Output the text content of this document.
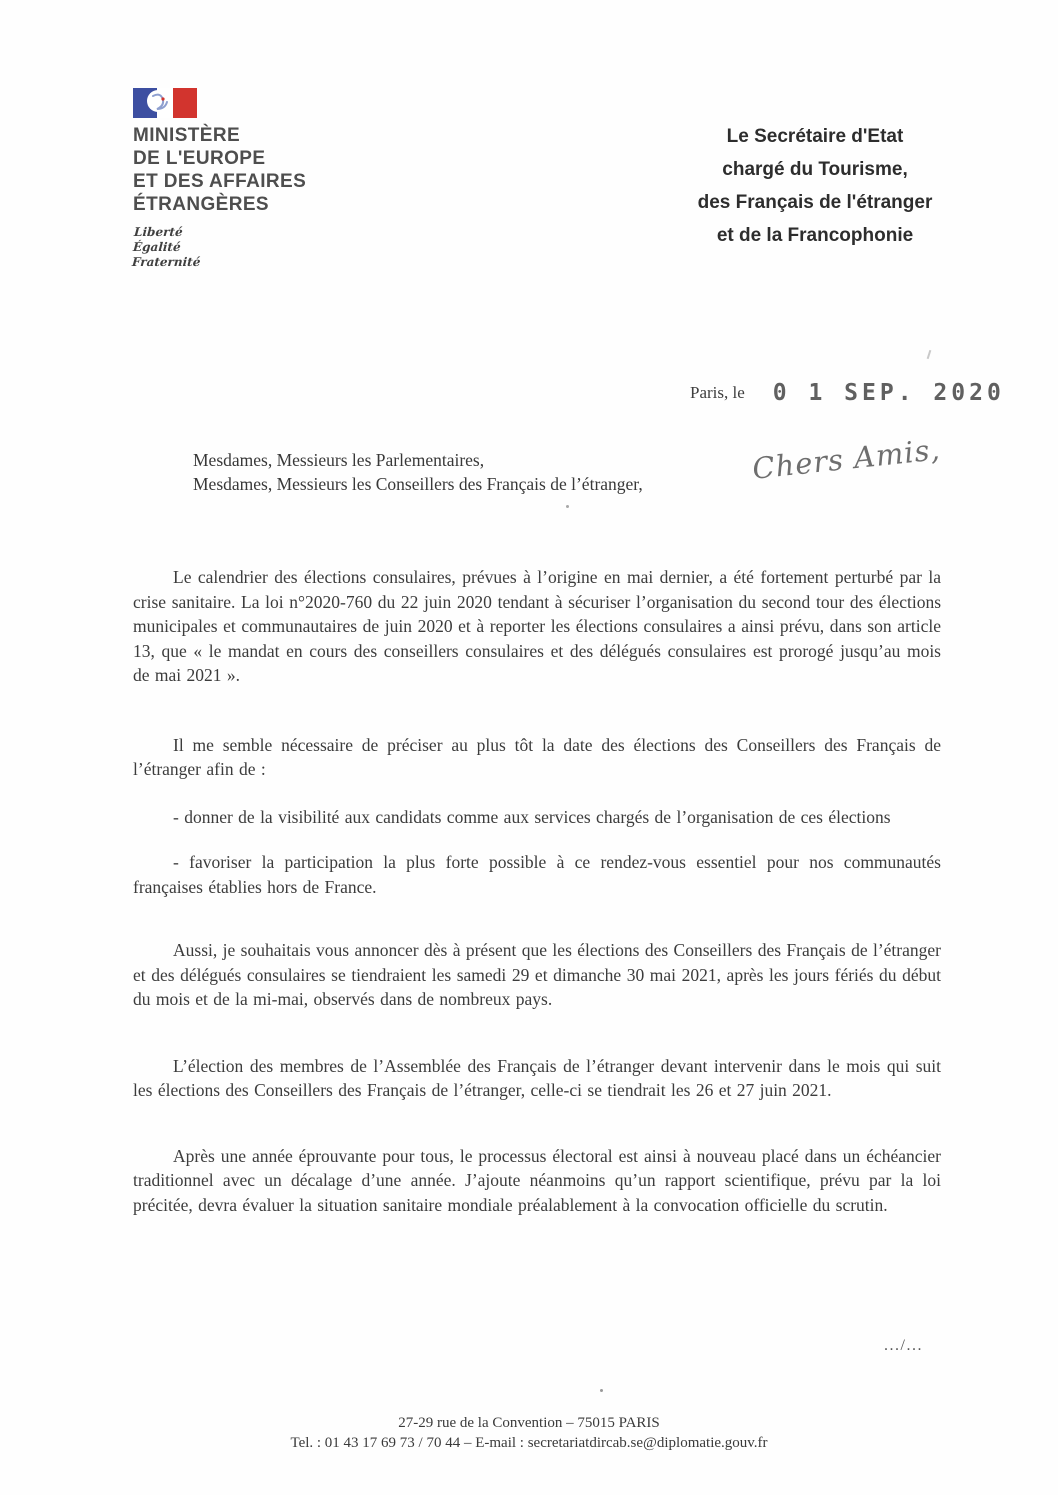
MINISTÈRE
DE L'EUROPE
ET DES AFFAIRES
ÉTRANGÈRES
Liberté
Égalité
Fraternité
Le Secrétaire d'Etat
chargé du Tourisme,
des Français de l'étranger
et de la Francophonie
Paris, le 0 1 SEP. 2020
Mesdames, Messieurs les Parlementaires,
Mesdames, Messieurs les Conseillers des Français de l’étranger,	Chers Amis,

Le calendrier des élections consulaires, prévues à l’origine en mai dernier, a été fortement perturbé par la crise sanitaire. La loi n°2020-760 du 22 juin 2020 tendant à sécuriser l’organisation du second tour des élections municipales et communautaires de juin 2020 et à reporter les élections consulaires a ainsi prévu, dans son article 13, que « le mandat en cours des conseillers consulaires et des délégués consulaires est prorogé jusqu’au mois de mai 2021 ».

Il me semble nécessaire de préciser au plus tôt la date des élections des Conseillers des Français de l’étranger afin de :

- donner de la visibilité aux candidats comme aux services chargés de l’organisation de ces élections

- favoriser la participation la plus forte possible à ce rendez-vous essentiel pour nos communautés françaises établies hors de France.

Aussi, je souhaitais vous annoncer dès à présent que les élections des Conseillers des Français de l’étranger et des délégués consulaires se tiendraient les samedi 29 et dimanche 30 mai 2021, après les jours fériés du début du mois et de la mi-mai, observés dans de nombreux pays.

L’élection des membres de l’Assemblée des Français de l’étranger devant intervenir dans le mois qui suit les élections des Conseillers des Français de l’étranger, celle-ci se tiendrait les 26 et 27 juin 2021.

Après une année éprouvante pour tous, le processus électoral est ainsi à nouveau placé dans un échéancier traditionnel avec un décalage d’une année. J’ajoute néanmoins qu’un rapport scientifique, prévu par la loi précitée, devra évaluer la situation sanitaire mondiale préalablement à la convocation officielle du scrutin.

.../...
27-29 rue de la Convention – 75015 PARIS
Tel. : 01 43 17 69 73 / 70 44 – E-mail : secretariatdircab.se@diplomatie.gouv.fr
